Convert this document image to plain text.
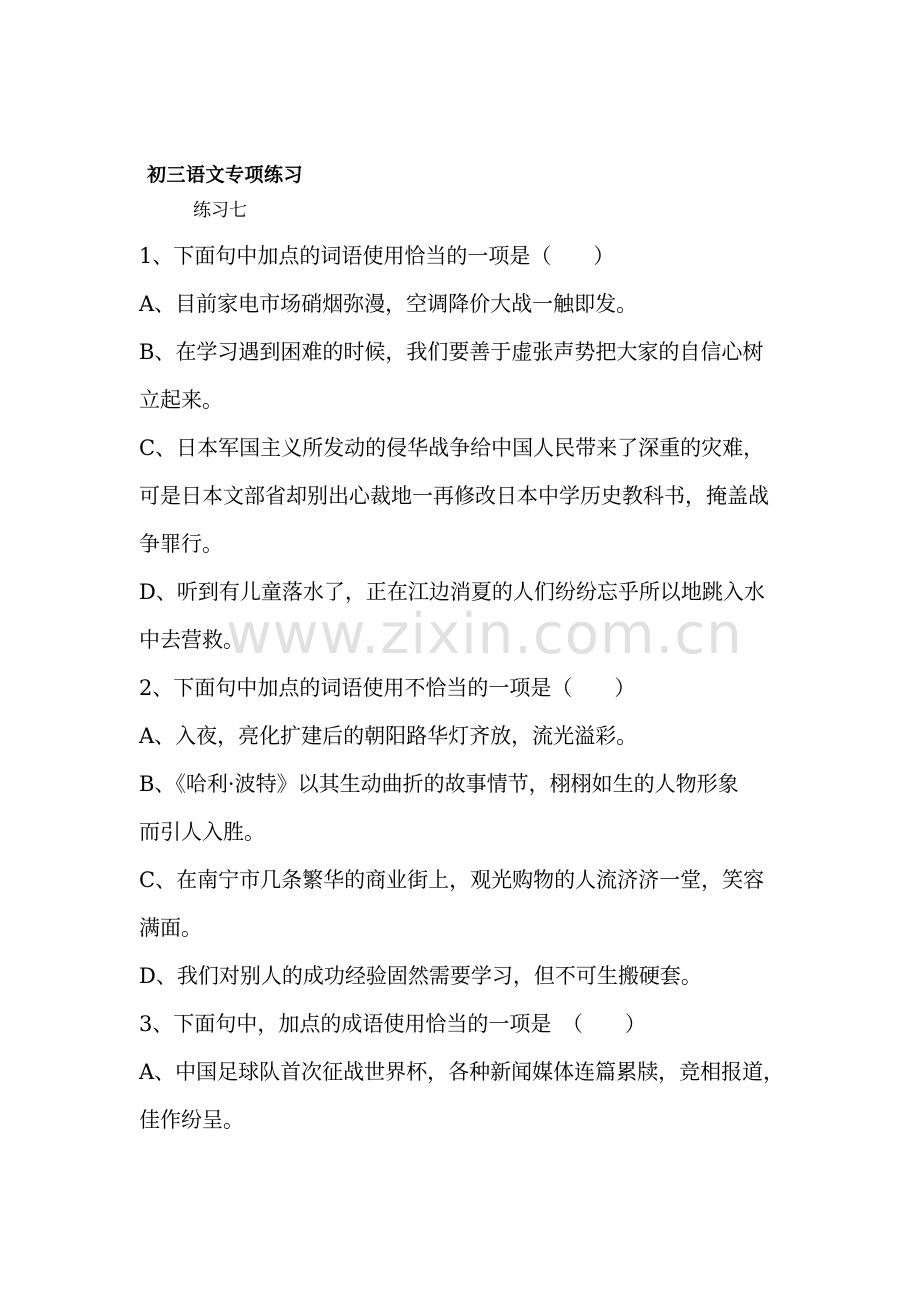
初三语文专项练习
练习七
1、下面句中加点的词语使用恰当的一项是（　　）
A、目前家电市场硝烟弥漫，空调降价大战一触即发。
B、在学习遇到困难的时候，我们要善于虚张声势把大家的自信心树
立起来。
C、日本军国主义所发动的侵华战争给中国人民带来了深重的灾难，
可是日本文部省却别出心裁地一再修改日本中学历史教科书，掩盖战
争罪行。
D、听到有儿童落水了，正在江边消夏的人们纷纷忘乎所以地跳入水
中去营救。
2、下面句中加点的词语使用不恰当的一项是（　　）
A、入夜，亮化扩建后的朝阳路华灯齐放，流光溢彩。
B、《哈利·波特》以其生动曲折的故事情节，栩栩如生的人物形象
而引人入胜。
C、在南宁市几条繁华的商业街上，观光购物的人流济济一堂，笑容
满面。
D、我们对别人的成功经验固然需要学习，但不可生搬硬套。
3、下面句中，加点的成语使用恰当的一项是　（　　）
A、中国足球队首次征战世界杯，各种新闻媒体连篇累牍，竞相报道，
佳作纷呈。
www.zixin.com.cn
